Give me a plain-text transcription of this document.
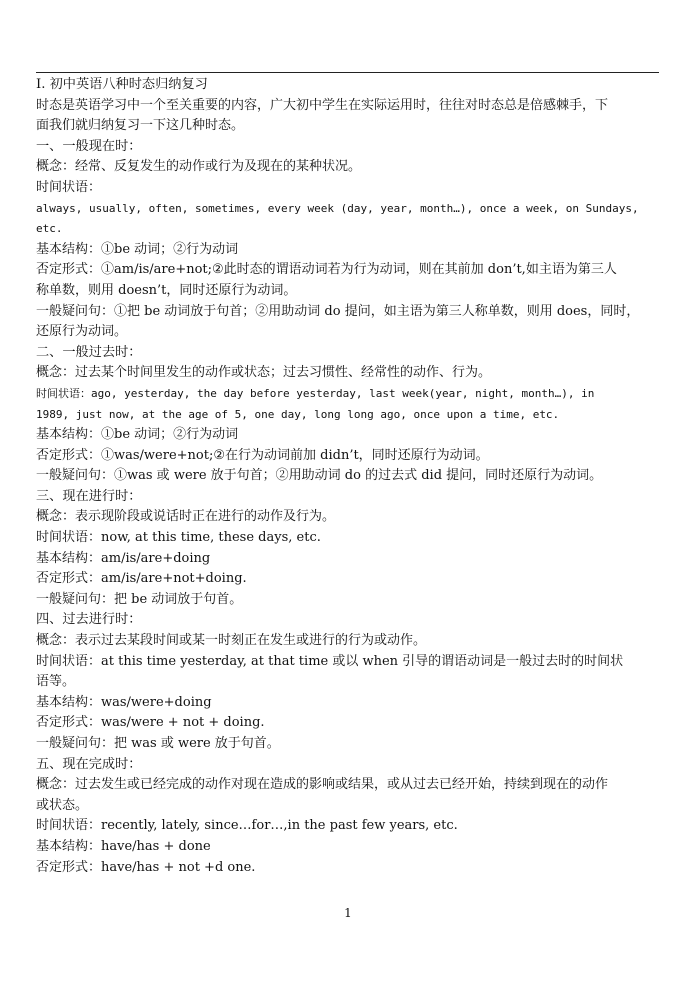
Ⅰ. 初中英语八种时态归纳复习
时态是英语学习中一个至关重要的内容，广大初中学生在实际运用时，往往对时态总是倍感棘手，下
面我们就归纳复习一下这几种时态。
一、一般现在时：
概念：经常、反复发生的动作或行为及现在的某种状况。
时间状语：
always, usually, often, sometimes, every week (day, year, month…), once a week, on Sundays,
etc.
基本结构：①be 动词；②行为动词
否定形式：①am/is/are+not;②此时态的谓语动词若为行为动词，则在其前加 don’t,如主语为第三人
称单数，则用 doesn’t，同时还原行为动词。
一般疑问句：①把 be 动词放于句首；②用助动词 do 提问，如主语为第三人称单数，则用 does，同时，
还原行为动词。
二、一般过去时：
概念：过去某个时间里发生的动作或状态；过去习惯性、经常性的动作、行为。
时间状语：ago, yesterday, the day before yesterday, last week(year, night, month…), in
1989, just now, at the age of 5, one day, long long ago, once upon a time, etc.
基本结构：①be 动词；②行为动词
否定形式：①was/were+not;②在行为动词前加 didn’t，同时还原行为动词。
一般疑问句：①was 或 were 放于句首；②用助动词 do 的过去式 did 提问，同时还原行为动词。
三、现在进行时：
概念：表示现阶段或说话时正在进行的动作及行为。
时间状语：now, at this time, these days, etc.
基本结构：am/is/are+doing
否定形式：am/is/are+not+doing.
一般疑问句：把 be 动词放于句首。
四、过去进行时：
概念：表示过去某段时间或某一时刻正在发生或进行的行为或动作。
时间状语：at this time yesterday, at that time 或以 when 引导的谓语动词是一般过去时的时间状
语等。
基本结构：was/were+doing
否定形式：was/were + not + doing.
一般疑问句：把 was 或 were 放于句首。
五、现在完成时：
概念：过去发生或已经完成的动作对现在造成的影响或结果，或从过去已经开始，持续到现在的动作
或状态。
时间状语：recently, lately, since…for…,in the past few years, etc.
基本结构：have/has + done
否定形式：have/has + not +d one.
1
